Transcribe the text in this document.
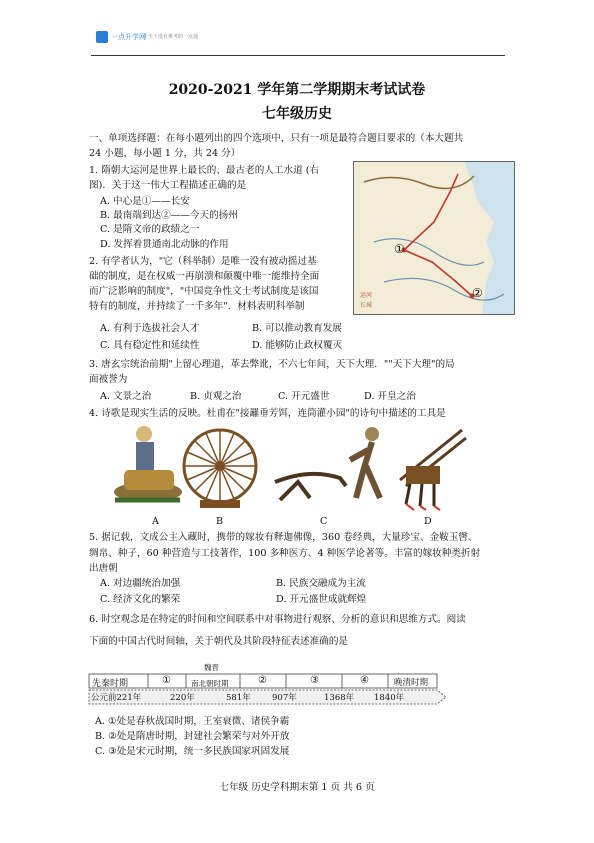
一点升学网
让天下没有难考的一点通
2020-2021 学年第二学期期末考试试卷
七年级历史
一、单项选择题：在每小题列出的四个选项中，只有一项是最符合题目要求的（本大题共
24 小题，每小题 1 分，共 24 分）
1. 隋朝大运河是世界上最长的、最古老的人工水道 (右
图)．关于这一伟大工程描述正确的是
A. 中心是①——长安
B. 最南端到达②——今天的扬州
C. 是隋文帝的政绩之一
D. 发挥着贯通南北动脉的作用	①
②
运河
长城
2. 有学者认为，"它（科举制）是唯一没有被动摇过基
础的制度，是在权威一再崩溃和颠覆中唯一能维持全面
而广泛影响的制度"，"中国竞争性文士考试制度是该国
特有的制度，并持续了一千多年"．材料表明科举制
A. 有利于选拔社会人才	B. 可以推动教育发展
C. 具有稳定性和延续性	D. 能够防止政权覆灭
3. 唐玄宗统治前期"上留心理道，革去弊讹，不六七年间，天下大理．""天下大理"的局
面被誉为
A. 文景之治	B. 贞观之治	C. 开元盛世	D. 开皇之治
4. 诗歌是现实生活的反映。杜甫在"接䍦垂芳饵，连筒灌小园"的诗句中描述的工具是
A	B	C	D
5. 据记载，文成公主入藏时，携带的嫁妆有释迦佛像，360 卷经典，大量珍宝、金鞍玉辔、
绸帛、种子，60 种营造与工技著作，100 多种医方、4 种医学论著等。丰富的嫁妆种类折射
出唐朝
A. 对边疆统治加强	B. 民族交融成为主流
C. 经济文化的繁荣	D. 开元盛世成就辉煌
6. 时空观念是在特定的时间和空间联系中对事物进行观察、分析的意识和思维方式。阅读
下面的中国古代时间轴，关于朝代及其阶段特征表述准确的是
先秦时期	①
魏晋
南北朝时期	②	③	④	晚清时期
公元前221年	220年	581年	907年	1368年 1840年
A. ①处是春秋战国时期，王室衰微、诸侯争霸
B. ②处是隋唐时期，封建社会繁荣与对外开放
C. ③处是宋元时期，统一多民族国家巩固发展
七年级 历史学科期末第 1 页 共 6 页
